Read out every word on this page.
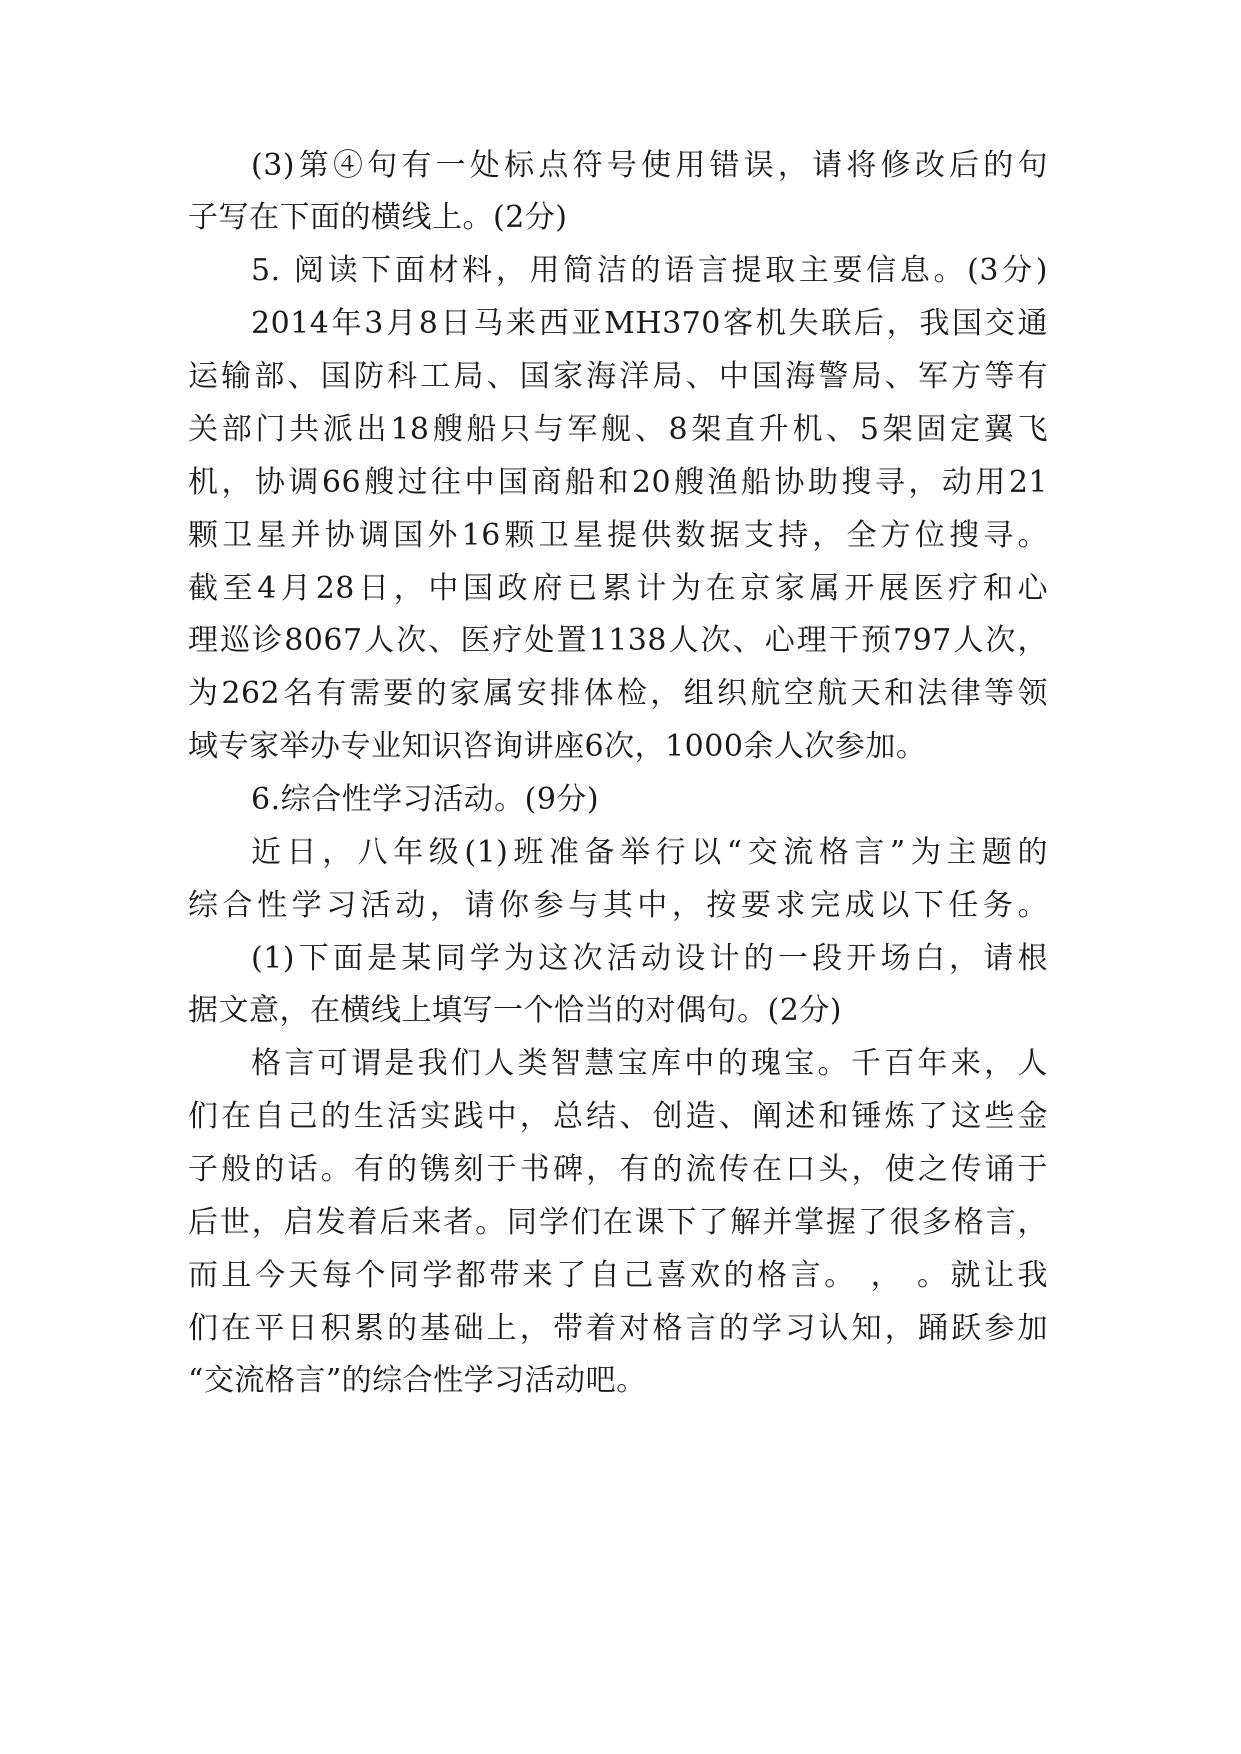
(3)第④句有一处标点符号使用错误，请将修改后的句
子写在下面的横线上。(2分)
5. 阅读下面材料，用简洁的语言提取主要信息。(3分)
2014年3月8日马来西亚MH370客机失联后，我国交通
运输部、国防科工局、国家海洋局、中国海警局、军方等有
关部门共派出18艘船只与军舰、8架直升机、5架固定翼飞
机，协调66艘过往中国商船和20艘渔船协助搜寻，动用21
颗卫星并协调国外16颗卫星提供数据支持，全方位搜寻。
截至4月28日，中国政府已累计为在京家属开展医疗和心
理巡诊8067人次、医疗处置1138人次、心理干预797人次，
为262名有需要的家属安排体检，组织航空航天和法律等领
域专家举办专业知识咨询讲座6次，1000余人次参加。
6.综合性学习活动。(9分)
近日，八年级(1)班准备举行以“交流格言”为主题的
综合性学习活动，请你参与其中，按要求完成以下任务。
(1)下面是某同学为这次活动设计的一段开场白，请根
据文意，在横线上填写一个恰当的对偶句。(2分)
格言可谓是我们人类智慧宝库中的瑰宝。千百年来，人
们在自己的生活实践中，总结、创造、阐述和锤炼了这些金
子般的话。有的镌刻于书碑，有的流传在口头，使之传诵于
后世，启发着后来者。同学们在课下了解并掌握了很多格言，
而且今天每个同学都带来了自己喜欢的格言。 ， 。就让我
们在平日积累的基础上，带着对格言的学习认知，踊跃参加
“交流格言”的综合性学习活动吧。
